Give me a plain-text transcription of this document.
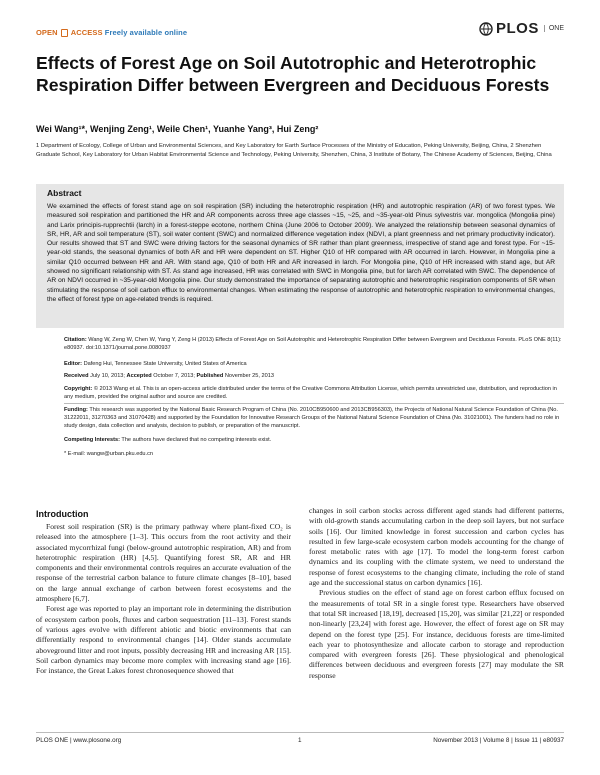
OPEN ACCESS Freely available online	PLOS	ONE
Effects of Forest Age on Soil Autotrophic and Heterotrophic Respiration Differ between Evergreen and Deciduous Forests
Wei Wang¹*, Wenjing Zeng¹, Weile Chen¹, Yuanhe Yang³, Hui Zeng²
1 Department of Ecology, College of Urban and Environmental Sciences, and Key Laboratory for Earth Surface Processes of the Ministry of Education, Peking University, Beijing, China, 2 Shenzhen Graduate School, Key Laboratory for Urban Habitat Environmental Science and Technology, Peking University, Shenzhen, China, 3 Institute of Botany, The Chinese Academy of Sciences, Beijing, China
Abstract
We examined the effects of forest stand age on soil respiration (SR) including the heterotrophic respiration (HR) and autotrophic respiration (AR) of two forest types. We measured soil respiration and partitioned the HR and AR components across three age classes ~15, ~25, and ~35-year-old Pinus sylvestris var. mongolica (Mongolia pine) and Larix principis-rupprechtii (larch) in a forest-steppe ecotone, northern China (June 2006 to October 2009). We analyzed the relationship between seasonal dynamics of SR, HR, AR and soil temperature (ST), soil water content (SWC) and normalized difference vegetation index (NDVI, a plant greenness and net primary productivity indicator). Our results showed that ST and SWC were driving factors for the seasonal dynamics of SR rather than plant greenness, irrespective of stand age and forest type. For ~15-year-old stands, the seasonal dynamics of both AR and HR were dependent on ST. Higher Q10 of HR compared with AR occurred in larch. However, in Mongolia pine a similar Q10 occurred between HR and AR. With stand age, Q10 of both HR and AR increased in larch. For Mongolia pine, Q10 of HR increased with stand age, but AR showed no significant relationship with ST. As stand age increased, HR was correlated with SWC in Mongolia pine, but for larch AR correlated with SWC. The dependence of AR on NDVI occurred in ~35-year-old Mongolia pine. Our study demonstrated the importance of separating autotrophic and heterotrophic respiration components of SR when stimulating the response of soil carbon efflux to environmental changes. When estimating the response of autotrophic and heterotrophic respiration to environmental changes, the effect of forest type on age-related trends is required.
Citation: Wang W, Zeng W, Chen W, Yang Y, Zeng H (2013) Effects of Forest Age on Soil Autotrophic and Heterotrophic Respiration Differ between Evergreen and Deciduous Forests. PLoS ONE 8(11): e80937. doi:10.1371/journal.pone.0080937
Editor: Dafeng Hui, Tennessee State University, United States of America
Received July 10, 2013; Accepted October 7, 2013; Published November 25, 2013
Copyright: © 2013 Wang et al. This is an open-access article distributed under the terms of the Creative Commons Attribution License, which permits unrestricted use, distribution, and reproduction in any medium, provided the original author and source are credited.
Funding: This research was supported by the National Basic Research Program of China (No. 2010CB950600 and 2013CB956303), the Projects of National Natural Science Foundation of China (No. 31222011, 31270363 and 31070428) and supported by the Foundation for Innovative Research Groups of the National Natural Science Foundation of China (No. 31021001). The funders had no role in study design, data collection and analysis, decision to publish, or preparation of the manuscript.
Competing Interests: The authors have declared that no competing interests exist.
* E-mail: wangw@urban.pku.edu.cn
Introduction

Forest soil respiration (SR) is the primary pathway where plant-fixed CO₂ is released into the atmosphere [1–3]. This occurs from the root activity and their associated mycorrhizal fungi (below-ground autotrophic respiration, AR) and from heterotrophic respiration (HR) [4,5]. Quantifying forest SR, AR and HR components and their environmental controls requires an accurate evaluation of the response of the terrestrial carbon balance to future climate changes [8–10], based on the large annual exchange of carbon between forest ecosystems and the atmosphere [6,7].

Forest age was reported to play an important role in determining the distribution of ecosystem carbon pools, fluxes and carbon sequestration [11–13]. Forest stands of various ages evolve with different abiotic and biotic environments that can differentially respond to environmental changes [14]. Older stands accumulate aboveground litter and root inputs, possibly decreasing HR and increasing AR [15]. Soil carbon dynamics may become more complex with increasing stand age [16]. For instance, the Great Lakes forest chronosequence showed that

changes in soil carbon stocks across different aged stands had different patterns, with old-growth stands accumulating carbon in the deep soil layers, but not surface soils [16]. Our limited knowledge in forest succession and carbon cycles has resulted in few large-scale ecosystem carbon models accounting for the change of forest metabolic rates with age [17]. To model the long-term forest carbon dynamics and its coupling with the climate system, we need to understand the response of forest ecosystems to the changing climate, including the role of stand age and the successional status on carbon dynamics [16].

Previous studies on the effect of stand age on forest carbon efflux focused on the measurements of total SR in a single forest type. Researchers have observed that total SR increased [18,19], decreased [15,20], was similar [21,22] or responded non-linearly [23,24] with forest age. However, the effect of forest age on SR may depend on the forest type [25]. For instance, deciduous forests are time-limited each year to photosynthesize and allocate carbon to storage and reproduction compared with evergreen forests [26]. These physiological and phenological differences between deciduous and evergreen forests [27] may modulate the SR response

PLOS ONE | www.plosone.org	1	November 2013 | Volume 8 | Issue 11 | e80937
